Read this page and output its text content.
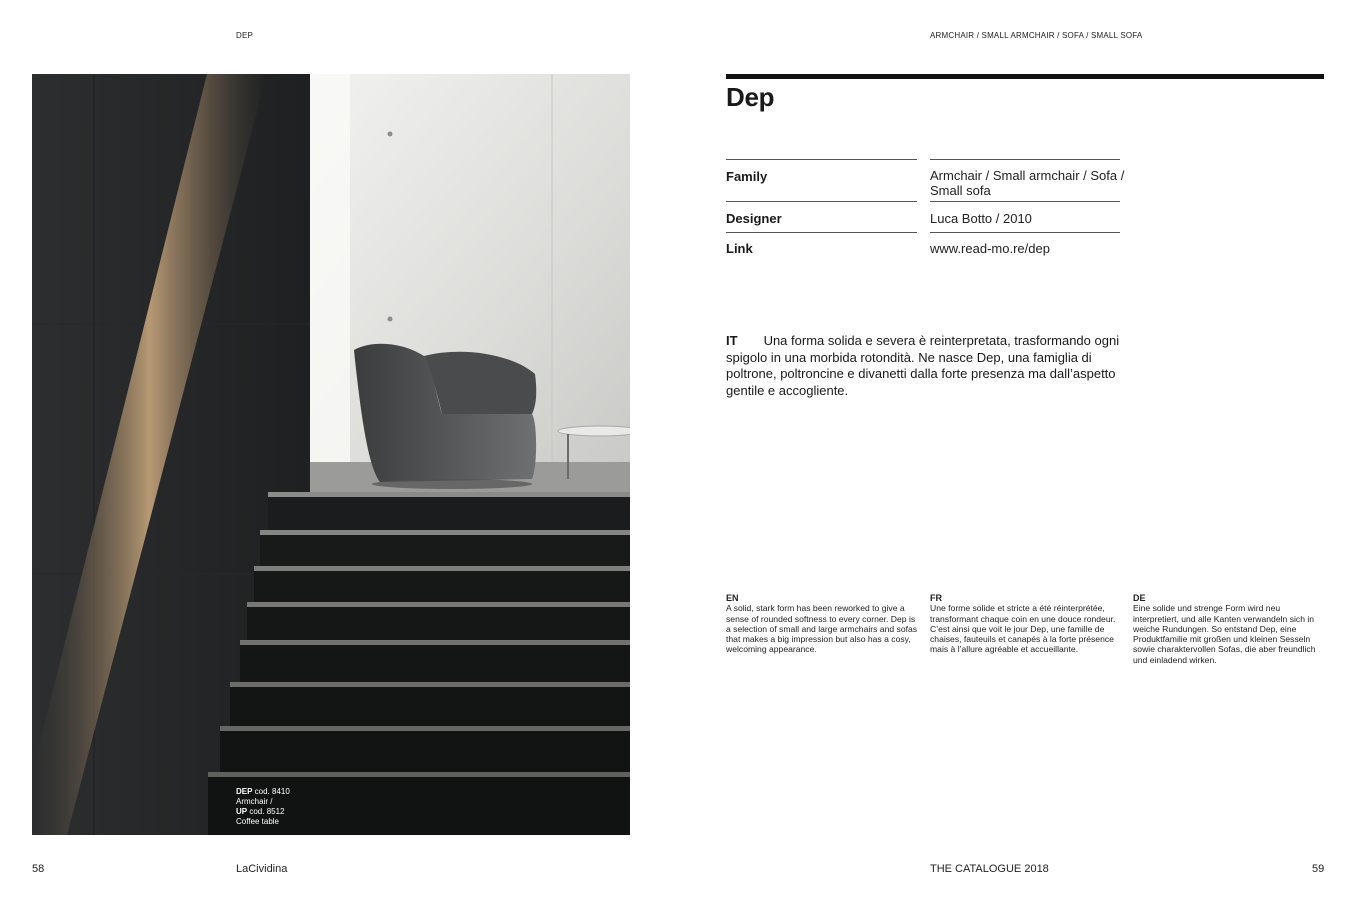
DEP	ARMCHAIR / SMALL ARMCHAIR / SOFA / SMALL SOFA
DEP cod. 8410
Armchair /
UP cod. 8512
Coffee table
Dep
Family	Armchair / Small armchair / Sofa /
Small sofa
Designer	Luca Botto / 2010
Link	www.read-mo.re/dep
IT Una forma solida e severa è reinterpretata, trasformando ogni spigolo in una morbida rotondità. Ne nasce Dep, una famiglia di poltrone, poltroncine e divanetti dalla forte presenza ma dall’aspetto gentile e accogliente.
EN
A solid, stark form has been reworked to give a sense of rounded softness to every corner. Dep is a selection of small and large armchairs and sofas that makes a big impression but also has a cosy, welcoming appearance.
FR
Une forme solide et stricte a été réinterprétée, transformant chaque coin en une douce rondeur. C’est ainsi que voit le jour Dep, une famille de chaises, fauteuils et canapés à la forte présence mais à l’allure agréable et accueillante.
DE
Eine solide und strenge Form wird neu interpretiert, und alle Kanten verwandeln sich in weiche Rundungen. So entstand Dep, eine Produktfamilie mit großen und kleinen Sesseln sowie charaktervollen Sofas, die aber freundlich und einladend wirken.
58	LaCividina	THE CATALOGUE 2018	59
